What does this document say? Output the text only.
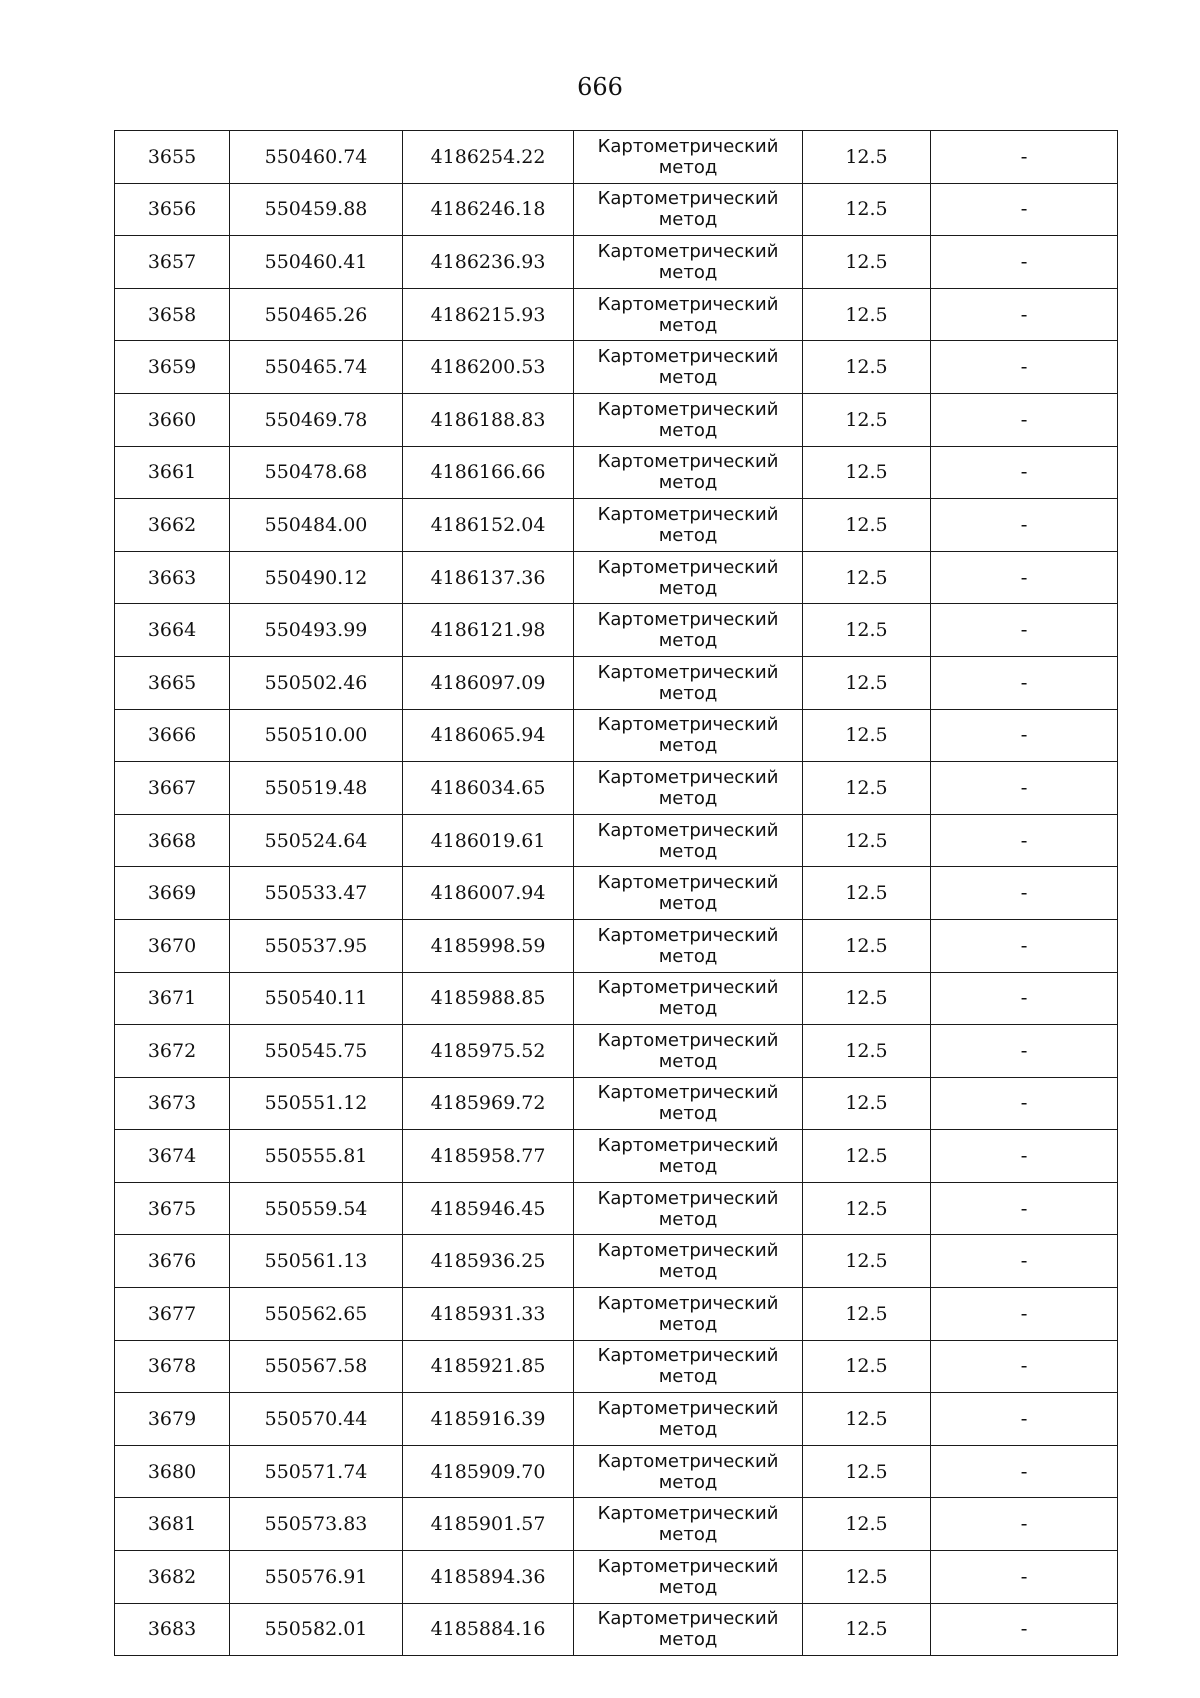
666
3655	550460.74	4186254.22	Картометрический
метод	12.5	-
3656	550459.88	4186246.18	Картометрический
метод	12.5	-
3657	550460.41	4186236.93	Картометрический
метод	12.5	-
3658	550465.26	4186215.93	Картометрический
метод	12.5	-
3659	550465.74	4186200.53	Картометрический
метод	12.5	-
3660	550469.78	4186188.83	Картометрический
метод	12.5	-
3661	550478.68	4186166.66	Картометрический
метод	12.5	-
3662	550484.00	4186152.04	Картометрический
метод	12.5	-
3663	550490.12	4186137.36	Картометрический
метод	12.5	-
3664	550493.99	4186121.98	Картометрический
метод	12.5	-
3665	550502.46	4186097.09	Картометрический
метод	12.5	-
3666	550510.00	4186065.94	Картометрический
метод	12.5	-
3667	550519.48	4186034.65	Картометрический
метод	12.5	-
3668	550524.64	4186019.61	Картометрический
метод	12.5	-
3669	550533.47	4186007.94	Картометрический
метод	12.5	-
3670	550537.95	4185998.59	Картометрический
метод	12.5	-
3671	550540.11	4185988.85	Картометрический
метод	12.5	-
3672	550545.75	4185975.52	Картометрический
метод	12.5	-
3673	550551.12	4185969.72	Картометрический
метод	12.5	-
3674	550555.81	4185958.77	Картометрический
метод	12.5	-
3675	550559.54	4185946.45	Картометрический
метод	12.5	-
3676	550561.13	4185936.25	Картометрический
метод	12.5	-
3677	550562.65	4185931.33	Картометрический
метод	12.5	-
3678	550567.58	4185921.85	Картометрический
метод	12.5	-
3679	550570.44	4185916.39	Картометрический
метод	12.5	-
3680	550571.74	4185909.70	Картометрический
метод	12.5	-
3681	550573.83	4185901.57	Картометрический
метод	12.5	-
3682	550576.91	4185894.36	Картометрический
метод	12.5	-
3683	550582.01	4185884.16	Картометрический
метод	12.5	-
